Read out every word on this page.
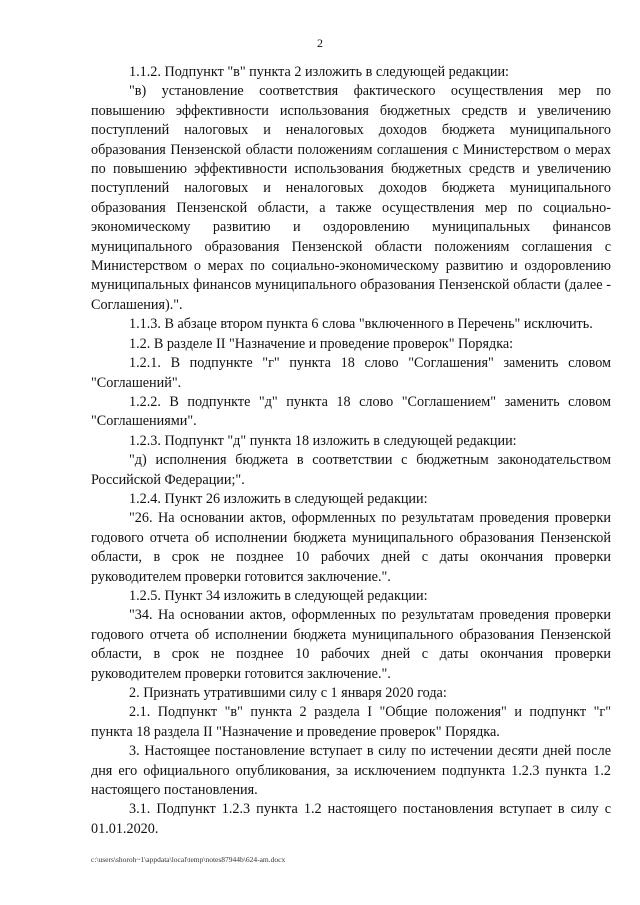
2

1.1.2. Подпункт "в" пункта 2 изложить в следующей редакции:

"в) установление соответствия фактического осуществления мер по повышению эффективности использования бюджетных средств и увеличению поступлений налоговых и неналоговых доходов бюджета муниципального образования Пензенской области положениям соглашения с Министерством о мерах по повышению эффективности использования бюджетных средств и увеличению поступлений налоговых и неналоговых доходов бюджета муниципального образования Пензенской области, а также осуществления мер по социально-экономическому развитию и оздоровлению муниципальных финансов муниципального образования Пензенской области положениям соглашения с Министерством о мерах по социально-экономическому развитию и оздоровлению муниципальных финансов муниципального образования Пензенской области (далее - Соглашения).".

1.1.3. В абзаце втором пункта 6 слова "включенного в Перечень" исключить.

1.2. В разделе II "Назначение и проведение проверок" Порядка:

1.2.1. В подпункте "г" пункта 18 слово "Соглашения" заменить словом "Соглашений".

1.2.2. В подпункте "д" пункта 18 слово "Соглашением" заменить словом "Соглашениями".

1.2.3. Подпункт "д" пункта 18 изложить в следующей редакции:

"д) исполнения бюджета в соответствии с бюджетным законодательством Российской Федерации;".

1.2.4. Пункт 26 изложить в следующей редакции:

"26. На основании актов, оформленных по результатам проведения проверки годового отчета об исполнении бюджета муниципального образования Пензенской области, в срок не позднее 10 рабочих дней с даты окончания проверки руководителем проверки готовится заключение.".

1.2.5. Пункт 34 изложить в следующей редакции:

"34. На основании актов, оформленных по результатам проведения проверки годового отчета об исполнении бюджета муниципального образования Пензенской области, в срок не позднее 10 рабочих дней с даты окончания проверки руководителем проверки готовится заключение.".

2. Признать утратившими силу с 1 января 2020 года:

2.1. Подпункт "в" пункта 2 раздела I "Общие положения" и подпункт "г" пункта 18 раздела II "Назначение и проведение проверок" Порядка.

3. Настоящее постановление вступает в силу по истечении десяти дней после дня его официального опубликования, за исключением подпункта 1.2.3 пункта 1.2 настоящего постановления.

3.1. Подпункт 1.2.3 пункта 1.2 настоящего постановления вступает в силу с 01.01.2020.

c:\users\shoroh~1\appdata\local\temp\notes87944b\624-am.docx
